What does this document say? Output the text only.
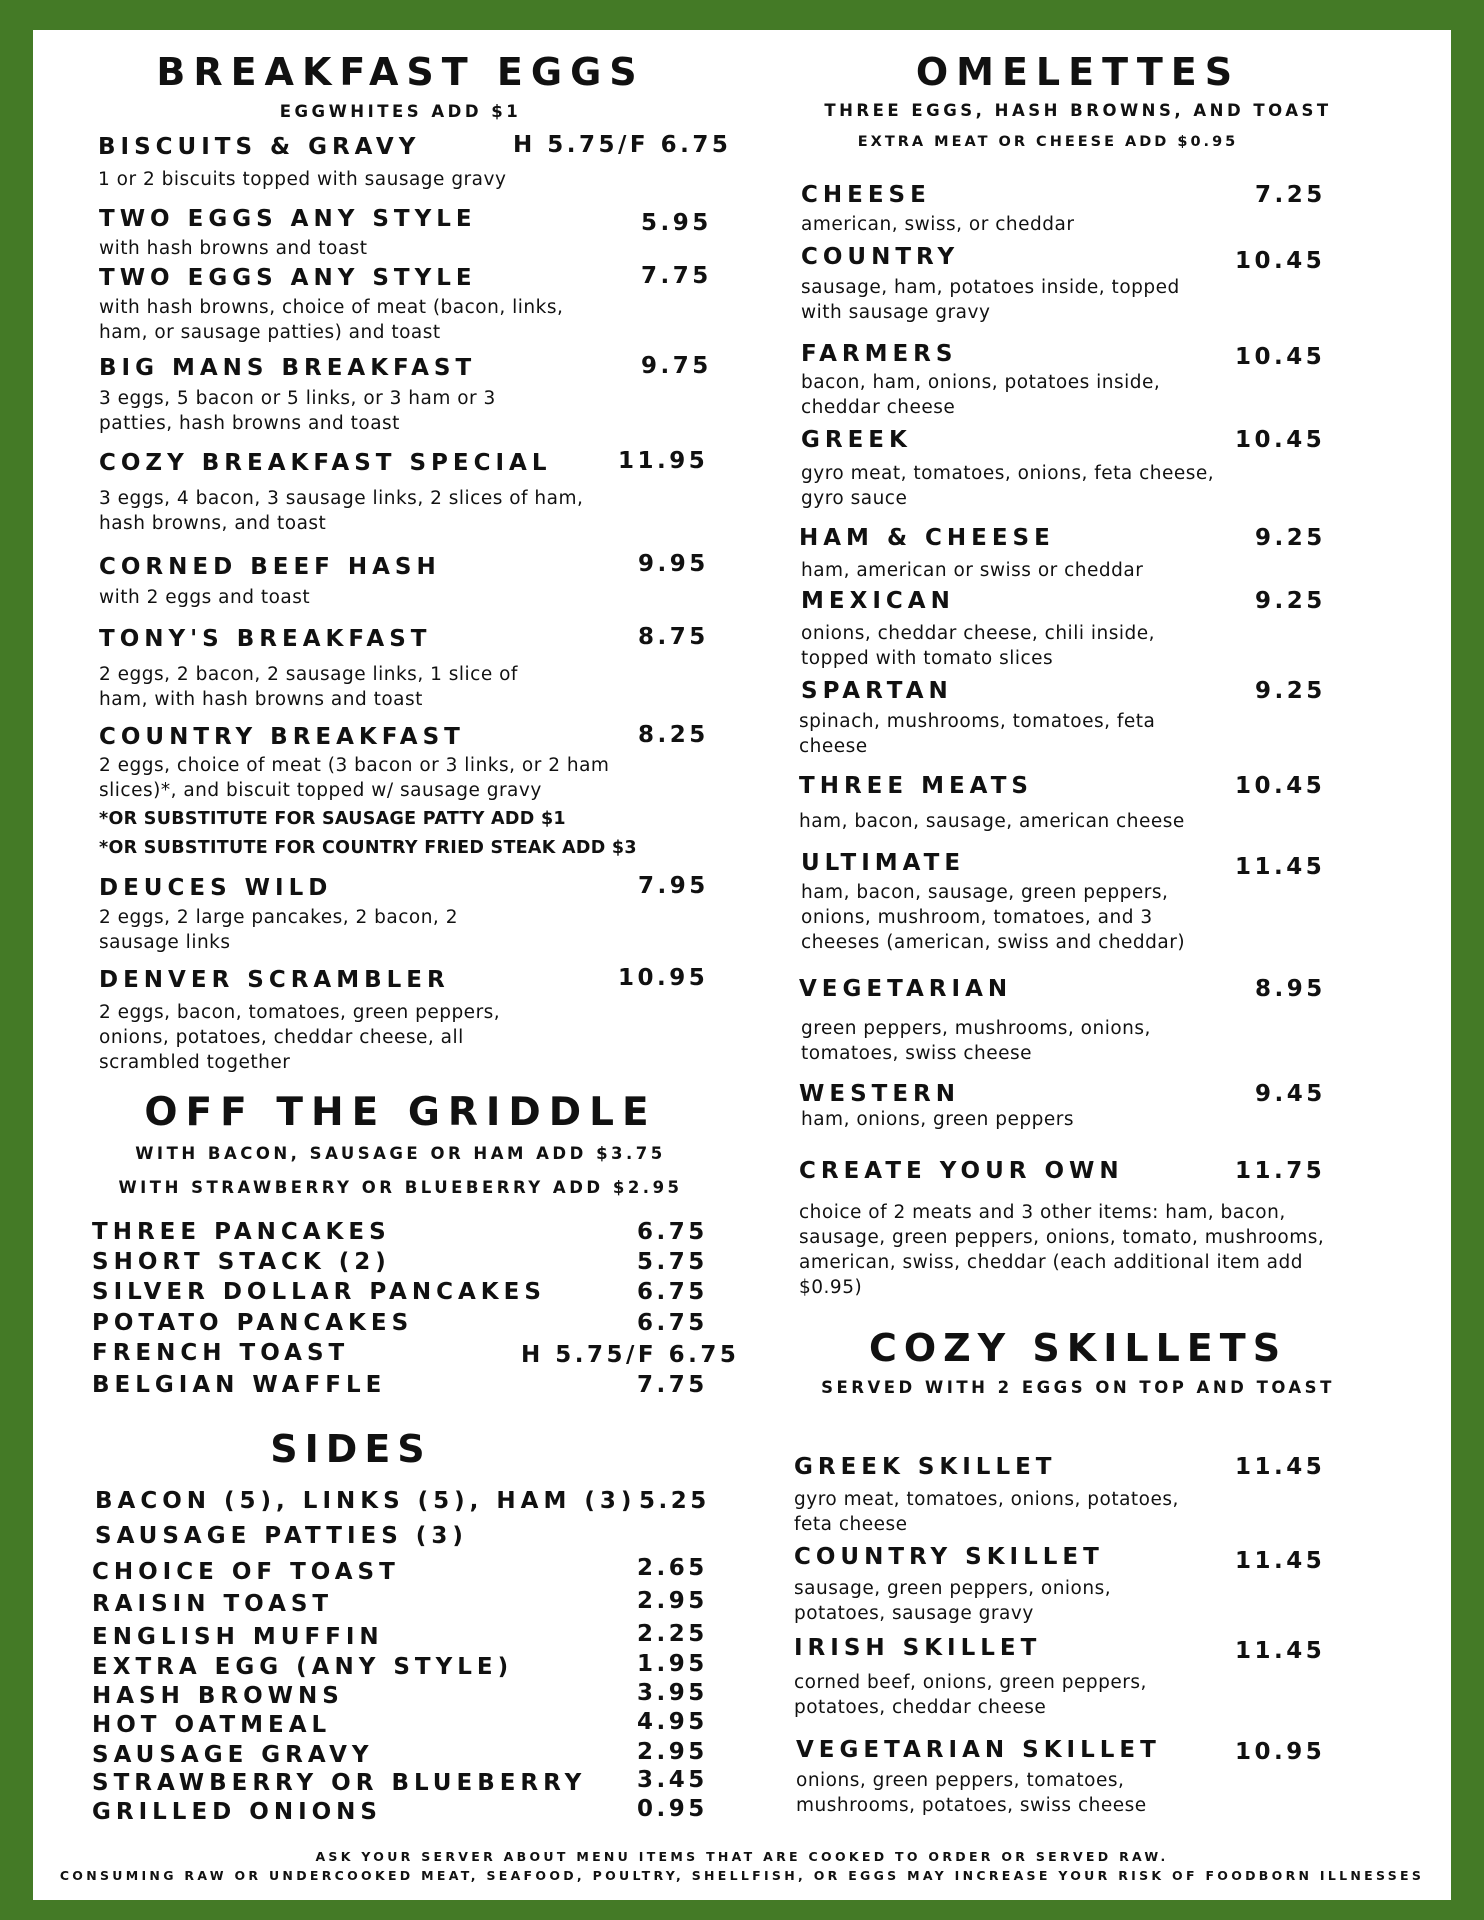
BREAKFAST EGGS
EGGWHITES ADD $1
BISCUITS & GRAVY	H 5.75/F 6.75
1 or 2 biscuits topped with sausage gravy
TWO EGGS ANY STYLE	5.95
with hash browns and toast
TWO EGGS ANY STYLE	7.75
with hash browns, choice of meat (bacon, links, ham, or sausage patties) and toast
BIG MANS BREAKFAST	9.75
3 eggs, 5 bacon or 5 links, or 3 ham or 3 patties, hash browns and toast
COZY BREAKFAST SPECIAL	11.95
3 eggs, 4 bacon, 3 sausage links, 2 slices of ham, hash browns, and toast
CORNED BEEF HASH	9.95
with 2 eggs and toast
TONY'S BREAKFAST	8.75
2 eggs, 2 bacon, 2 sausage links, 1 slice of ham, with hash browns and toast
COUNTRY BREAKFAST	8.25
2 eggs, choice of meat (3 bacon or 3 links, or 2 ham slices)*, and biscuit topped w/ sausage gravy
*OR SUBSTITUTE FOR SAUSAGE PATTY ADD $1
*OR SUBSTITUTE FOR COUNTRY FRIED STEAK ADD $3
DEUCES WILD	7.95
2 eggs, 2 large pancakes, 2 bacon, 2 sausage links
DENVER SCRAMBLER	10.95
2 eggs, bacon, tomatoes, green peppers, onions, potatoes, cheddar cheese, all scrambled together
OFF THE GRIDDLE
WITH BACON, SAUSAGE OR HAM ADD $3.75
WITH STRAWBERRY OR BLUEBERRY ADD $2.95
THREE PANCAKES	6.75
SHORT STACK (2)	5.75
SILVER DOLLAR PANCAKES	6.75
POTATO PANCAKES	6.75
FRENCH TOAST	H 5.75/F 6.75
BELGIAN WAFFLE	7.75
SIDES
BACON (5), LINKS (5), HAM (3) 5.25
SAUSAGE PATTIES (3)
CHOICE OF TOAST	2.65
RAISIN TOAST	2.95
ENGLISH MUFFIN	2.25
EXTRA EGG (ANY STYLE)	1.95
HASH BROWNS	3.95
HOT OATMEAL	4.95
SAUSAGE GRAVY	2.95
STRAWBERRY OR BLUEBERRY 3.45
GRILLED ONIONS	0.95
OMELETTES
THREE EGGS, HASH BROWNS, AND TOAST
EXTRA MEAT OR CHEESE ADD $0.95
CHEESE	7.25
american, swiss, or cheddar
COUNTRY	10.45
sausage, ham, potatoes inside, topped with sausage gravy
FARMERS	10.45
bacon, ham, onions, potatoes inside, cheddar cheese
GREEK	10.45
gyro meat, tomatoes, onions, feta cheese, gyro sauce
HAM & CHEESE	9.25
ham, american or swiss or cheddar
MEXICAN	9.25
onions, cheddar cheese, chili inside, topped with tomato slices
SPARTAN	9.25
spinach, mushrooms, tomatoes, feta cheese
THREE MEATS	10.45
ham, bacon, sausage, american cheese
ULTIMATE	11.45
ham, bacon, sausage, green peppers, onions, mushroom, tomatoes, and 3 cheeses (american, swiss and cheddar)
VEGETARIAN	8.95
green peppers, mushrooms, onions, tomatoes, swiss cheese
WESTERN	9.45
ham, onions, green peppers
CREATE YOUR OWN	11.75
choice of 2 meats and 3 other items: ham, bacon, sausage, green peppers, onions, tomato, mushrooms, american, swiss, cheddar (each additional item add $0.95)
COZY SKILLETS
SERVED WITH 2 EGGS ON TOP AND TOAST
GREEK SKILLET	11.45
gyro meat, tomatoes, onions, potatoes, feta cheese
COUNTRY SKILLET	11.45
sausage, green peppers, onions, potatoes, sausage gravy
IRISH SKILLET	11.45
corned beef, onions, green peppers, potatoes, cheddar cheese
VEGETARIAN SKILLET	10.95
onions, green peppers, tomatoes, mushrooms, potatoes, swiss cheese
ASK YOUR SERVER ABOUT MENU ITEMS THAT ARE COOKED TO ORDER OR SERVED RAW.
CONSUMING RAW OR UNDERCOOKED MEAT, SEAFOOD, POULTRY, SHELLFISH, OR EGGS MAY INCREASE YOUR RISK OF FOODBORN ILLNESSES
